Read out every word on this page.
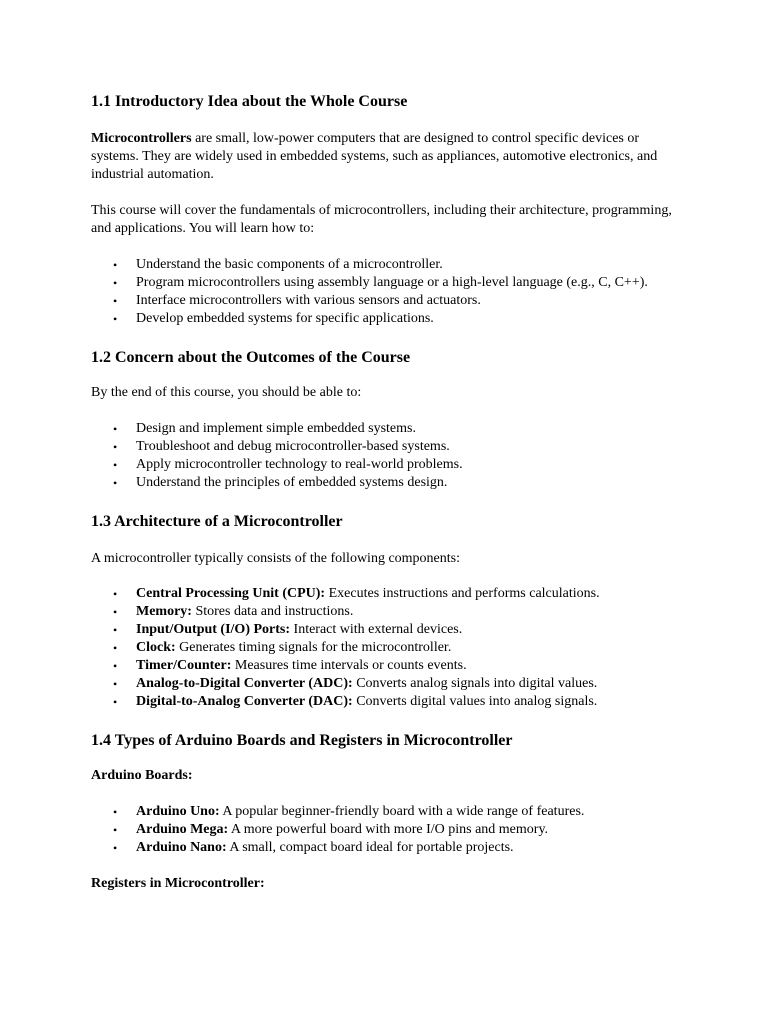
1.1 Introductory Idea about the Whole Course

Microcontrollers are small, low-power computers that are designed to control specific devices or systems. They are widely used in embedded systems, such as appliances, automotive electronics, and industrial automation.

This course will cover the fundamentals of microcontrollers, including their architecture, programming, and applications. You will learn how to:

• Understand the basic components of a microcontroller.
• Program microcontrollers using assembly language or a high-level language (e.g., C, C++).
• Interface microcontrollers with various sensors and actuators.
• Develop embedded systems for specific applications.
1.2 Concern about the Outcomes of the Course

By the end of this course, you should be able to:

• Design and implement simple embedded systems.
• Troubleshoot and debug microcontroller-based systems.
• Apply microcontroller technology to real-world problems.
• Understand the principles of embedded systems design.
1.3 Architecture of a Microcontroller

A microcontroller typically consists of the following components:

• Central Processing Unit (CPU): Executes instructions and performs calculations.
• Memory: Stores data and instructions.
• Input/Output (I/O) Ports: Interact with external devices.
• Clock: Generates timing signals for the microcontroller.
• Timer/Counter: Measures time intervals or counts events.
• Analog-to-Digital Converter (ADC): Converts analog signals into digital values.
• Digital-to-Analog Converter (DAC): Converts digital values into analog signals.
1.4 Types of Arduino Boards and Registers in Microcontroller

Arduino Boards:

• Arduino Uno: A popular beginner-friendly board with a wide range of features.
• Arduino Mega: A more powerful board with more I/O pins and memory.
• Arduino Nano: A small, compact board ideal for portable projects.

Registers in Microcontroller:
